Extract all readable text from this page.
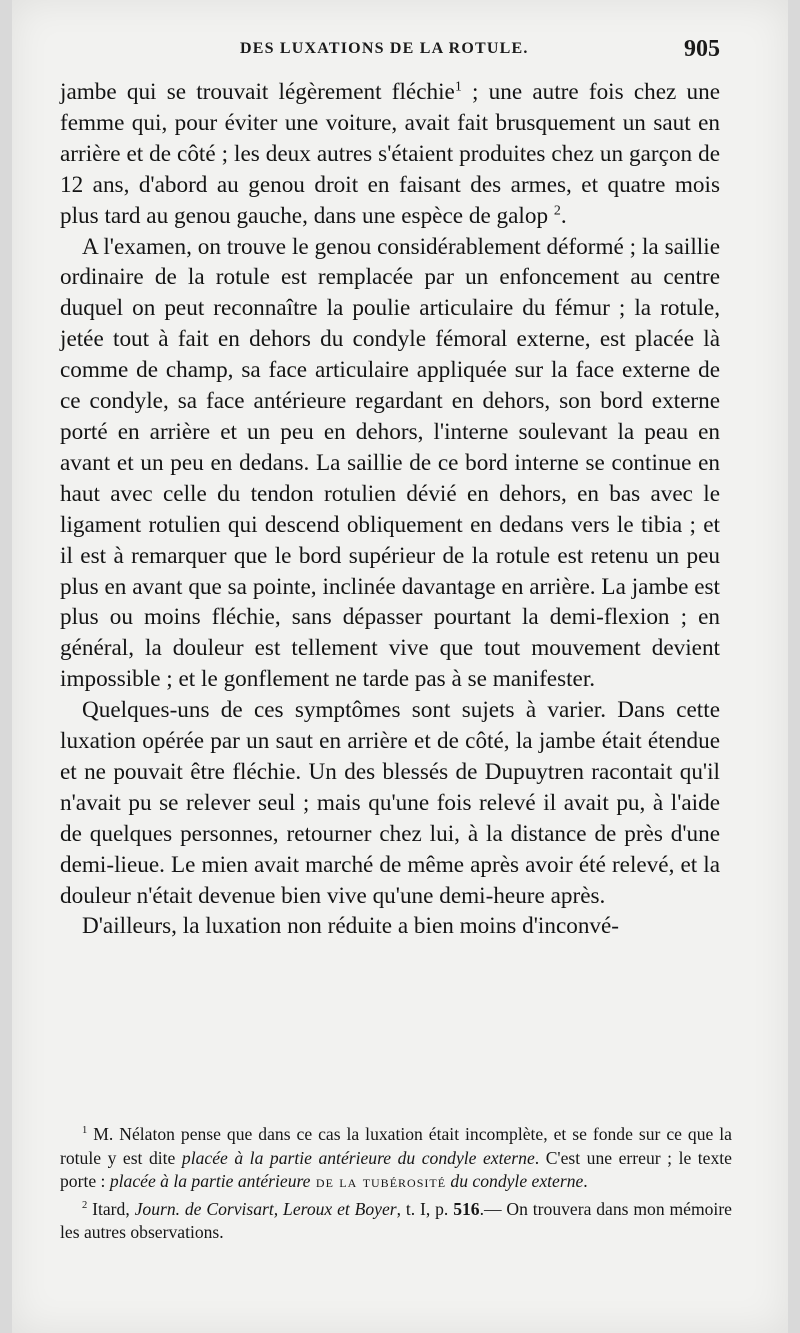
DES LUXATIONS DE LA ROTULE.	905

jambe qui se trouvait légèrement fléchie$^1$ ; une autre fois chez une femme qui, pour éviter une voiture, avait fait brusquement un saut en arrière et de côté ; les deux autres s'étaient produites chez un garçon de 12 ans, d'abord au genou droit en faisant des armes, et quatre mois plus tard au genou gauche, dans une espèce de galop $^2$.

A l'examen, on trouve le genou considérablement déformé ; la saillie ordinaire de la rotule est remplacée par un enfoncement au centre duquel on peut reconnaître la poulie articulaire du fémur ; la rotule, jetée tout à fait en dehors du condyle fémoral externe, est placée là comme de champ, sa face articulaire appliquée sur la face externe de ce condyle, sa face antérieure regardant en dehors, son bord externe porté en arrière et un peu en dehors, l'interne soulevant la peau en avant et un peu en dedans. La saillie de ce bord interne se continue en haut avec celle du tendon rotulien dévié en dehors, en bas avec le ligament rotulien qui descend obliquement en dedans vers le tibia ; et il est à remarquer que le bord supérieur de la rotule est retenu un peu plus en avant que sa pointe, inclinée davantage en arrière. La jambe est plus ou moins fléchie, sans dépasser pourtant la demi-flexion ; en général, la douleur est tellement vive que tout mouvement devient impossible ; et le gonflement ne tarde pas à se manifester.

Quelques-uns de ces symptômes sont sujets à varier. Dans cette luxation opérée par un saut en arrière et de côté, la jambe était étendue et ne pouvait être fléchie. Un des blessés de Dupuytren racontait qu'il n'avait pu se relever seul ; mais qu'une fois relevé il avait pu, à l'aide de quelques personnes, retourner chez lui, à la distance de près d'une demi-lieue. Le mien avait marché de même après avoir été relevé, et la douleur n'était devenue bien vive qu'une demi-heure après.

D'ailleurs, la luxation non réduite a bien moins d'inconvé-

$^1$ M. Nélaton pense que dans ce cas la luxation était incomplète, et se fonde sur ce que la rotule y est dite placée à la partie antérieure du condyle externe. C'est une erreur ; le texte porte : placée à la partie antérieure de la tubérosité du condyle externe.

$^2$ Itard, Journ. de Corvisart, Leroux et Boyer, t. I, p. 516.— On trouvera dans mon mémoire les autres observations.
